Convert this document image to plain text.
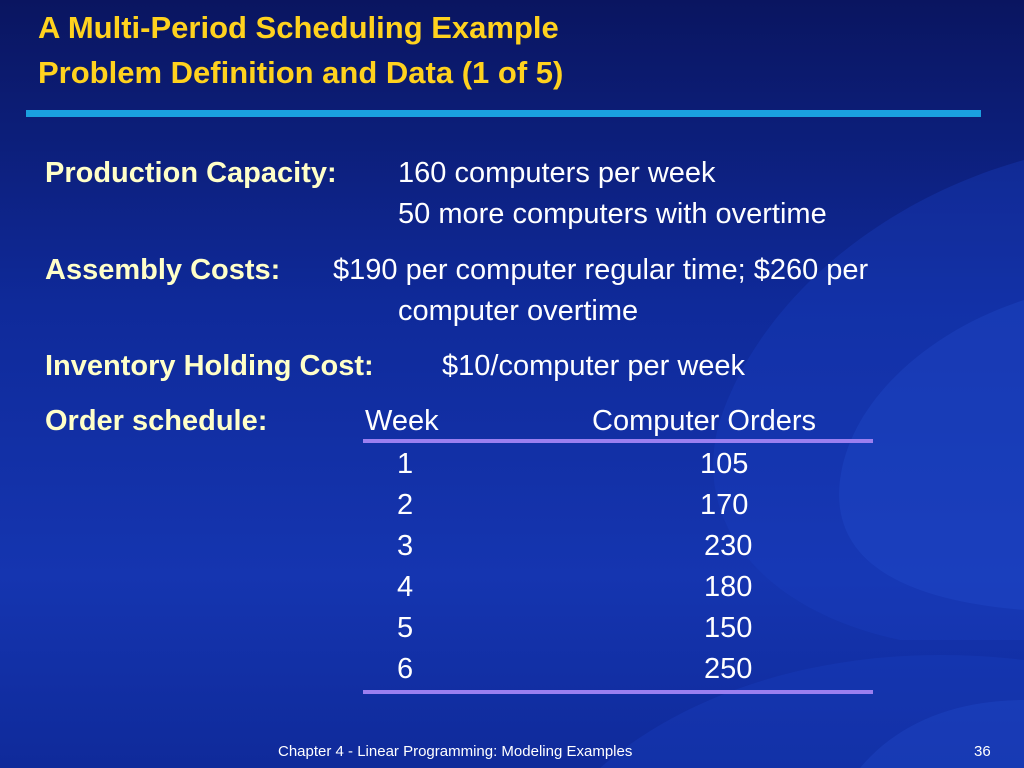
A Multi-Period Scheduling Example
Problem Definition and Data (1 of 5)
Production Capacity: 160 computers per week
50 more computers with overtime
Assembly Costs: $190 per computer regular time; $260 per
computer overtime
Inventory Holding Cost: $10/computer per week
Order schedule:	Week	Computer Orders
1	105
2	170
3	230
4	180
5	150
6	250
Chapter 4 - Linear Programming: Modeling Examples	36
